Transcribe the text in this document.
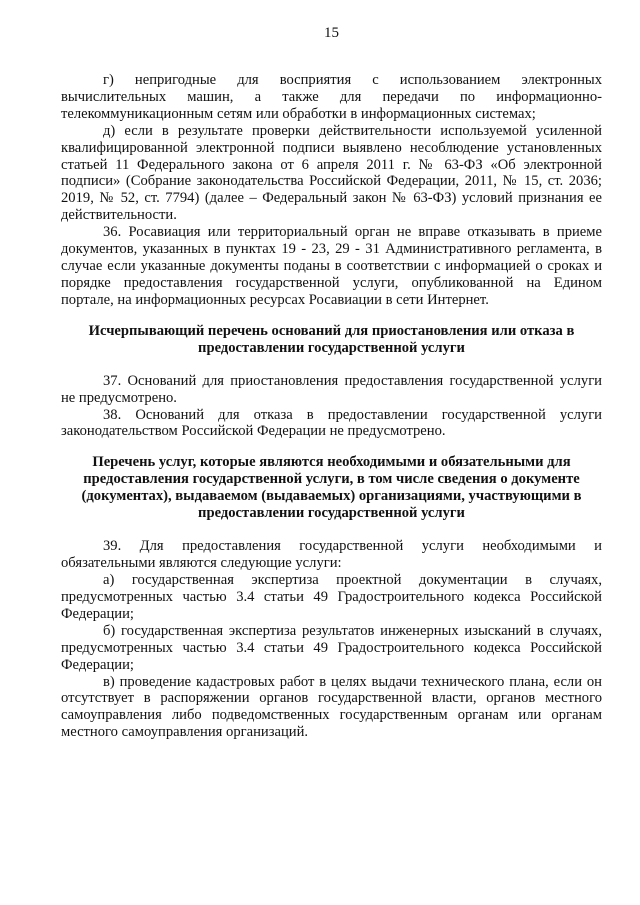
15

г) непригодные для восприятия с использованием электронных вычислительных машин, а также для передачи по информационно-телекоммуникационным сетям или обработки в информационных системах;

д) если в результате проверки действительности используемой усиленной квалифицированной электронной подписи выявлено несоблюдение установленных статьей 11 Федерального закона от 6 апреля 2011 г. № 63-ФЗ «Об электронной подписи» (Собрание законодательства Российской Федерации, 2011, № 15, ст. 2036; 2019, № 52, ст. 7794) (далее – Федеральный закон № 63-ФЗ) условий признания ее действительности.

36. Росавиация или территориальный орган не вправе отказывать в приеме документов, указанных в пунктах 19 - 23, 29 - 31 Административного регламента, в случае если указанные документы поданы в соответствии с информацией о сроках и порядке предоставления государственной услуги, опубликованной на Едином портале, на информационных ресурсах Росавиации в сети Интернет.

Исчерпывающий перечень оснований для приостановления или отказа в предоставлении государственной услуги

37. Оснований для приостановления предоставления государственной услуги не предусмотрено.

38. Оснований для отказа в предоставлении государственной услуги законодательством Российской Федерации не предусмотрено.

Перечень услуг, которые являются необходимыми и обязательными для предоставления государственной услуги, в том числе сведения о документе (документах), выдаваемом (выдаваемых) организациями, участвующими в предоставлении государственной услуги

39. Для предоставления государственной услуги необходимыми и обязательными являются следующие услуги:

а) государственная экспертиза проектной документации в случаях, предусмотренных частью 3.4 статьи 49 Градостроительного кодекса Российской Федерации;

б) государственная экспертиза результатов инженерных изысканий в случаях, предусмотренных частью 3.4 статьи 49 Градостроительного кодекса Российской Федерации;

в) проведение кадастровых работ в целях выдачи технического плана, если он отсутствует в распоряжении органов государственной власти, органов местного самоуправления либо подведомственных государственным органам или органам местного самоуправления организаций.
